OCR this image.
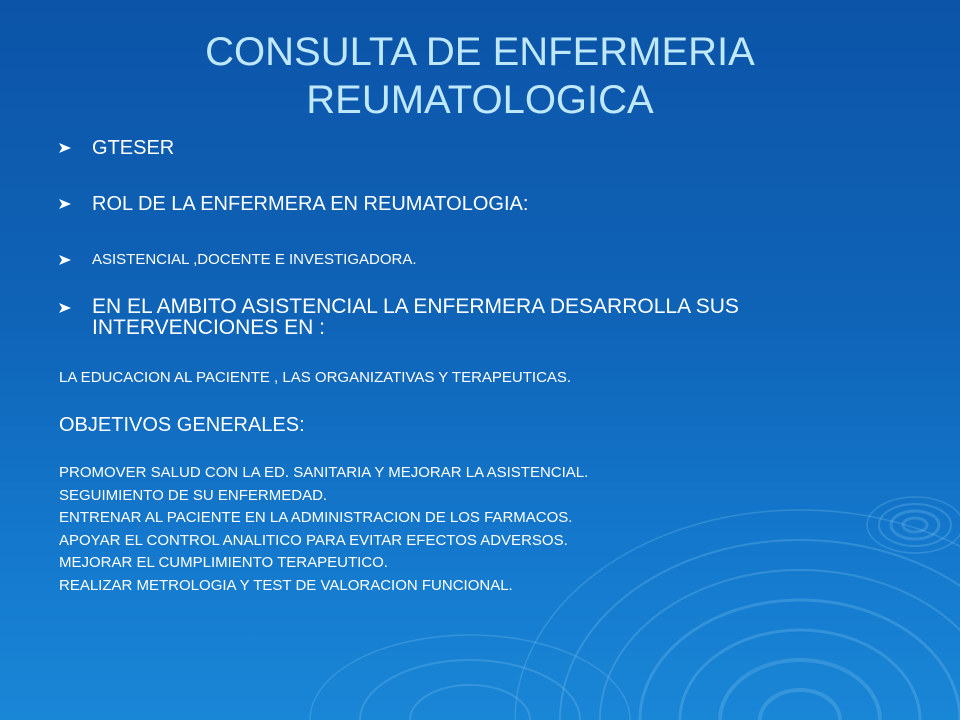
CONSULTA DE ENFERMERIA
REUMATOLOGICA
GTESER
ROL DE LA ENFERMERA EN REUMATOLOGIA:
ASISTENCIAL ,DOCENTE E INVESTIGADORA.
EN EL AMBITO ASISTENCIAL LA ENFERMERA DESARROLLA SUS INTERVENCIONES EN :
LA EDUCACION AL PACIENTE , LAS ORGANIZATIVAS Y TERAPEUTICAS.
OBJETIVOS GENERALES:
PROMOVER SALUD CON LA ED. SANITARIA Y MEJORAR LA ASISTENCIAL.
SEGUIMIENTO DE SU ENFERMEDAD.
ENTRENAR AL PACIENTE EN LA ADMINISTRACION DE LOS FARMACOS.
APOYAR EL CONTROL ANALITICO PARA EVITAR EFECTOS ADVERSOS.
MEJORAR EL CUMPLIMIENTO TERAPEUTICO.
REALIZAR METROLOGIA Y TEST DE VALORACION FUNCIONAL.
